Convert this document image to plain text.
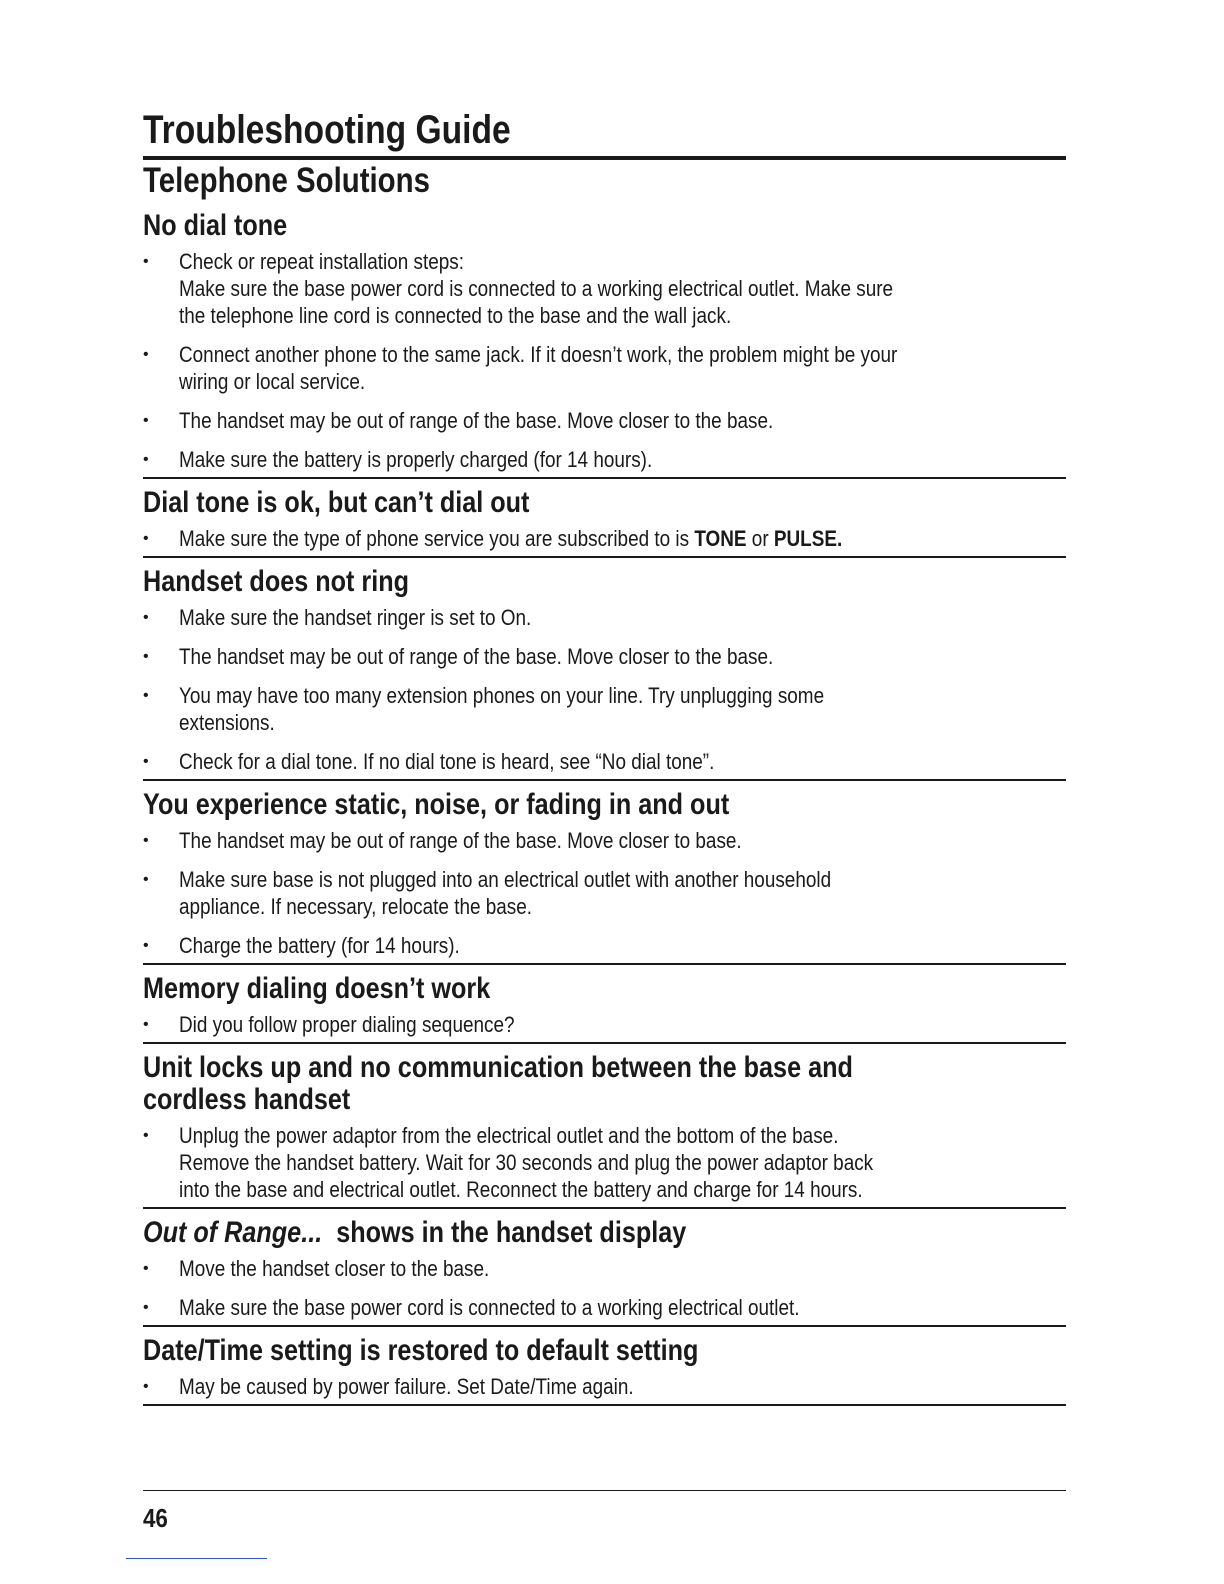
Troubleshooting Guide
Telephone Solutions
No dial tone
• Check or repeat installation steps:
Make sure the base power cord is connected to a working electrical outlet. Make sure
the telephone line cord is connected to the base and the wall jack.
• Connect another phone to the same jack. If it doesn’t work, the problem might be your
wiring or local service.
• The handset may be out of range of the base. Move closer to the base.
• Make sure the battery is properly charged (for 14 hours).
Dial tone is ok, but can’t dial out
• Make sure the type of phone service you are subscribed to is TONE or PULSE.
Handset does not ring
• Make sure the handset ringer is set to On.
• The handset may be out of range of the base. Move closer to the base.
• You may have too many extension phones on your line. Try unplugging some
extensions.
• Check for a dial tone. If no dial tone is heard, see “No dial tone”.
You experience static, noise, or fading in and out
• The handset may be out of range of the base. Move closer to base.
• Make sure base is not plugged into an electrical outlet with another household
appliance. If necessary, relocate the base.
• Charge the battery (for 14 hours).
Memory dialing doesn’t work
• Did you follow proper dialing sequence?
Unit locks up and no communication between the base and
cordless handset
• Unplug the power adaptor from the electrical outlet and the bottom of the base.
Remove the handset battery. Wait for 30 seconds and plug the power adaptor back
into the base and electrical outlet. Reconnect the battery and charge for 14 hours.
Out of Range...  shows in the handset display
• Move the handset closer to the base.
• Make sure the base power cord is connected to a working electrical outlet.
Date/Time setting is restored to default setting
• May be caused by power failure. Set Date/Time again.
46
